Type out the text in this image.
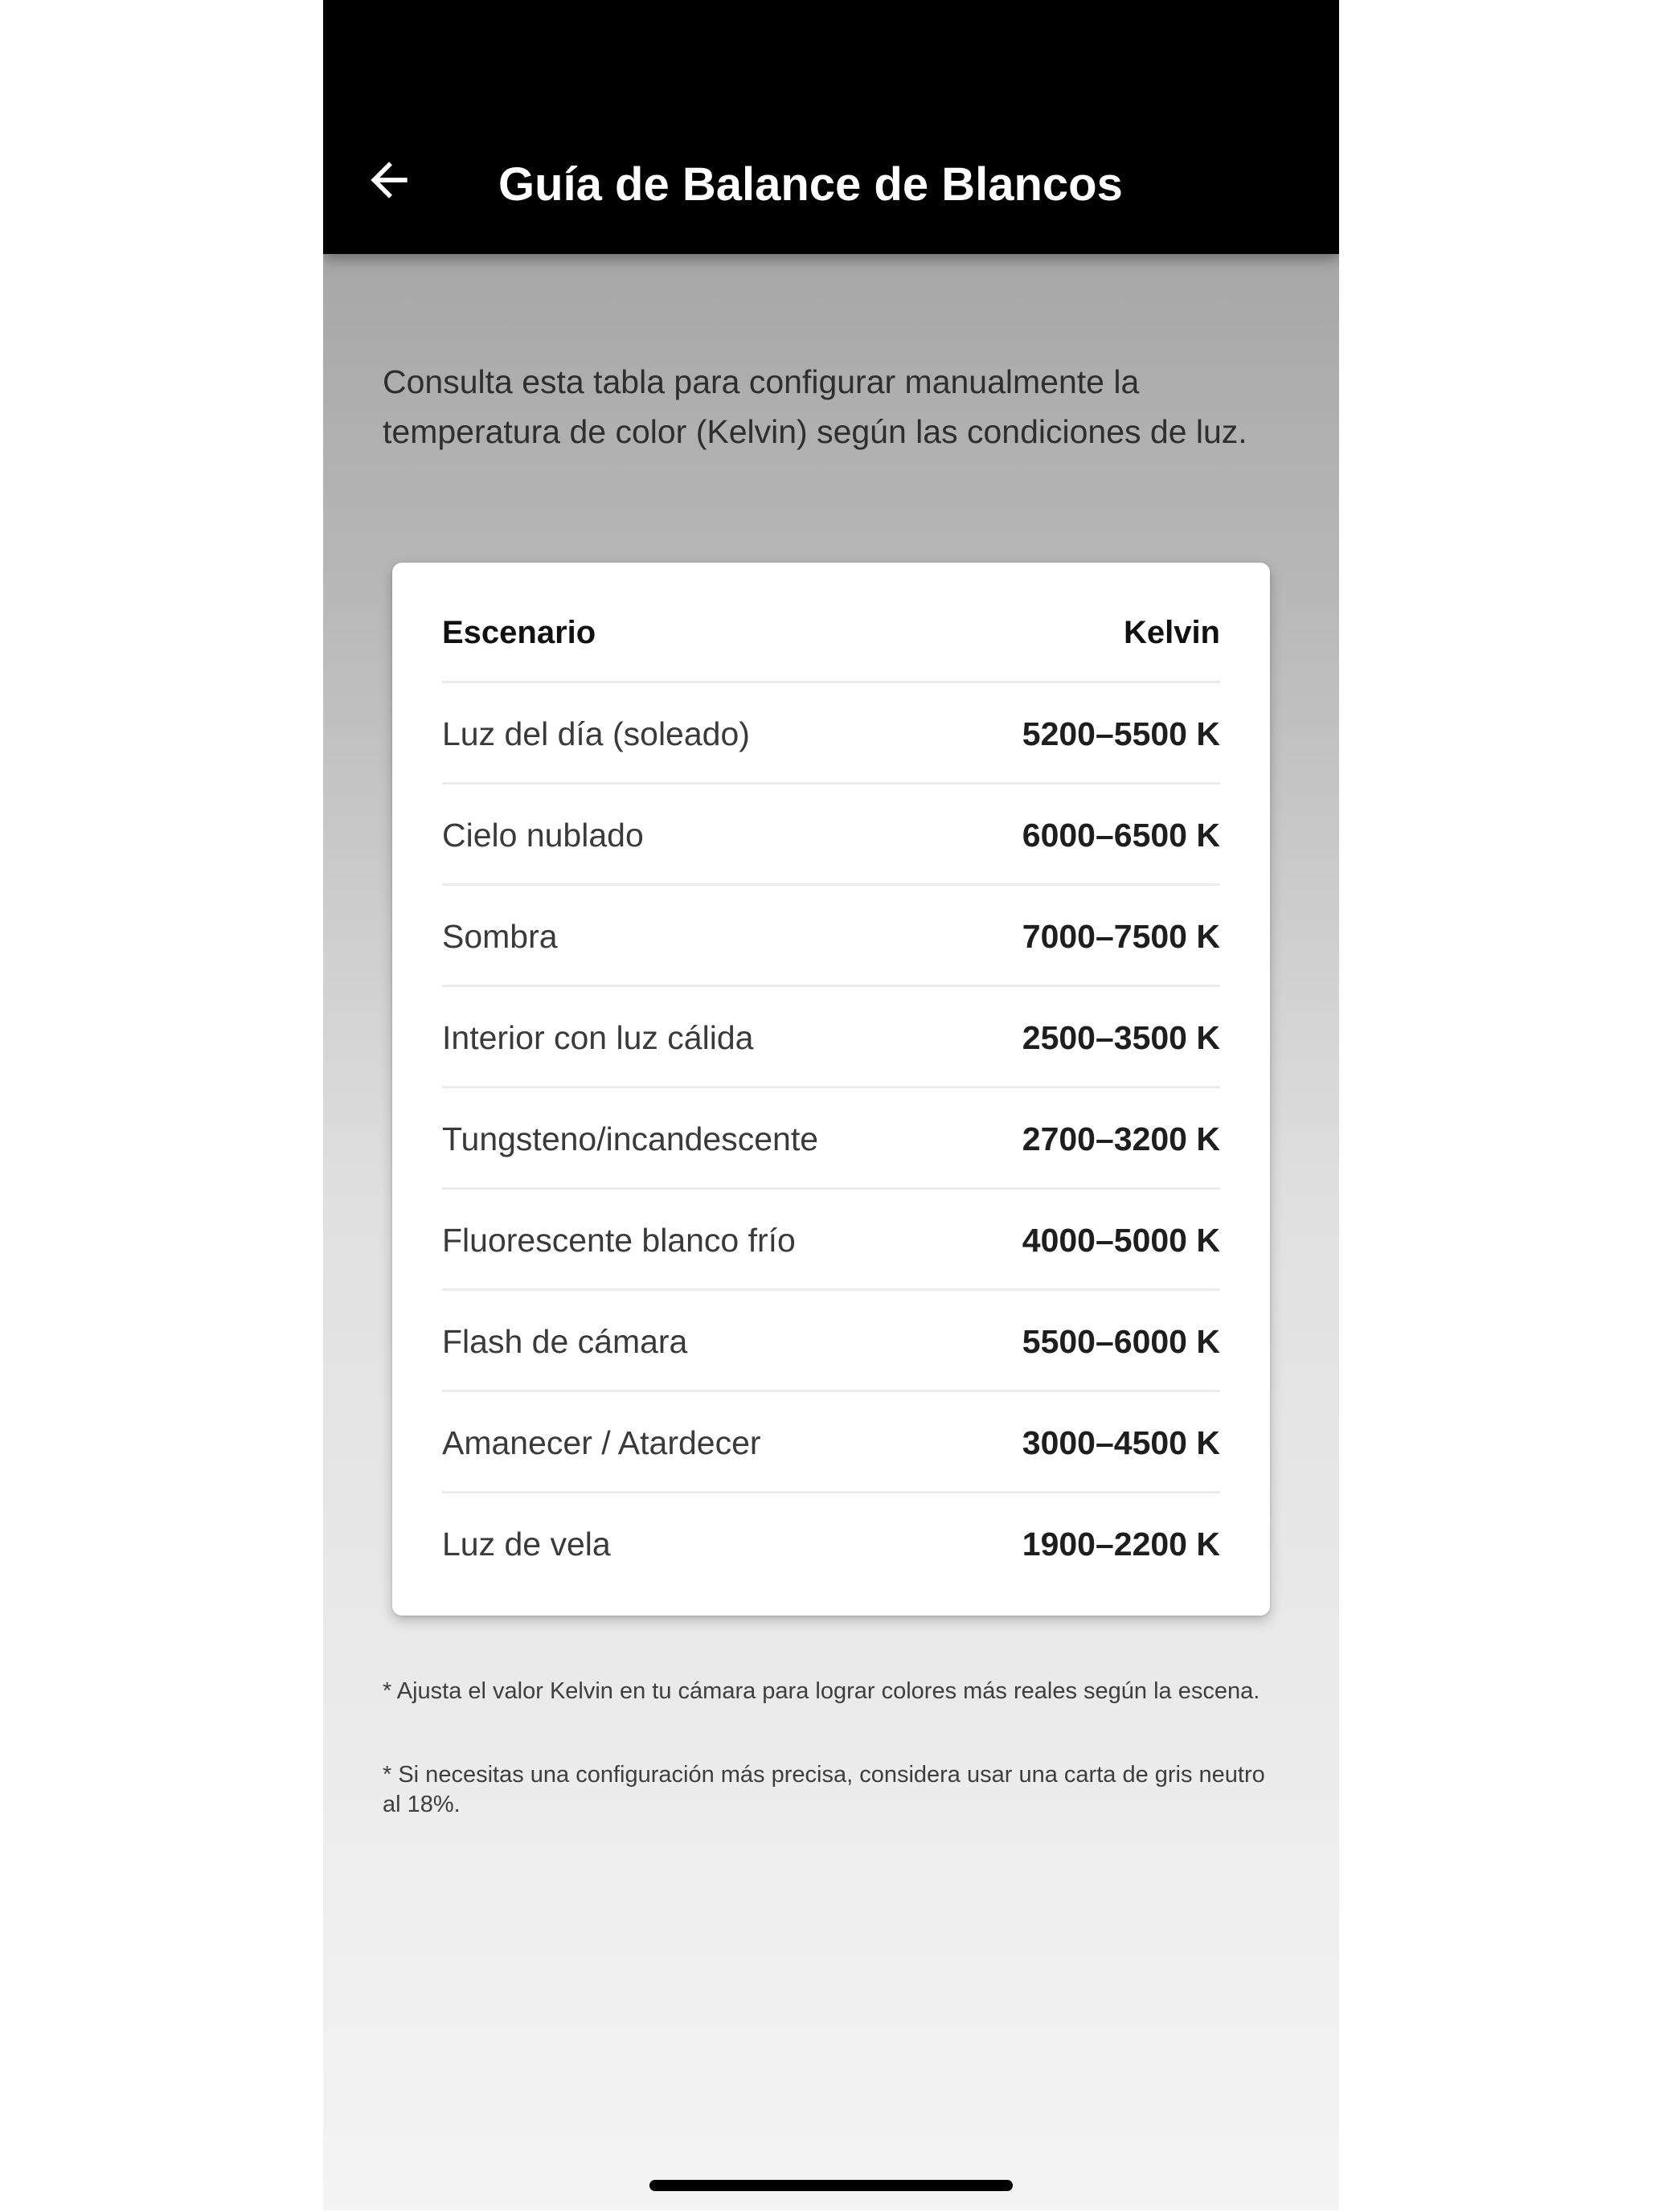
Guía de Balance de Blancos
Consulta esta tabla para configurar manualmente la temperatura de color (Kelvin) según las condiciones de luz.
Escenario	Kelvin
Luz del día (soleado)	5200–5500 K
Cielo nublado	6000–6500 K
Sombra	7000–7500 K
Interior con luz cálida	2500–3500 K
Tungsteno/incandescente	2700–3200 K
Fluorescente blanco frío	4000–5000 K
Flash de cámara	5500–6000 K
Amanecer / Atardecer	3000–4500 K
Luz de vela	1900–2200 K
* Ajusta el valor Kelvin en tu cámara para lograr colores más reales según la escena.
* Si necesitas una configuración más precisa, considera usar una carta de gris neutro al 18%.
